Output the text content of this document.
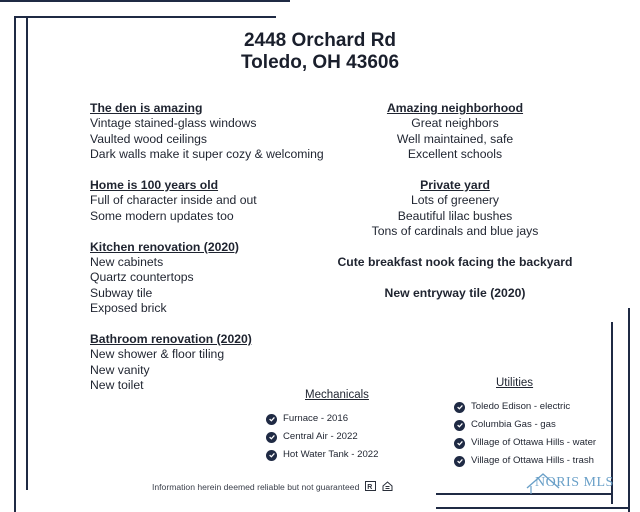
2448 Orchard Rd
Toledo, OH 43606
The den is amazing
Vintage stained-glass windows
Vaulted wood ceilings
Dark walls make it super cozy & welcoming
Home is 100 years old
Full of character inside and out
Some modern updates too
Kitchen renovation (2020)
New cabinets
Quartz countertops
Subway tile
Exposed brick
Bathroom renovation (2020)
New shower & floor tiling
New vanity
New toilet
Amazing neighborhood
Great neighbors
Well maintained, safe
Excellent schools
Private yard
Lots of greenery
Beautiful lilac bushes
Tons of cardinals and blue jays
Cute breakfast nook facing the backyard
New entryway tile (2020)
Mechanicals
Furnace - 2016
Central Air - 2022
Hot Water Tank - 2022
Utilities
Toledo Edison - electric
Columbia Gas - gas
Village of Ottawa Hills - water
Village of Ottawa Hills - trash
Information herein deemed reliable but not guaranteed R	NORIS MLS
